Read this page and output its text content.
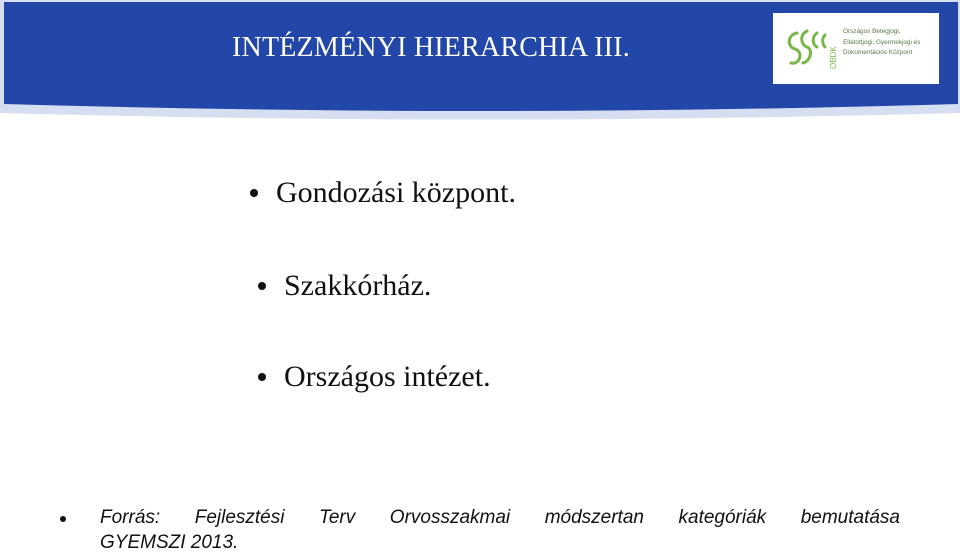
INTÉZMÉNYI HIERARCHIA III.	OBDK
Országos Betegjogi,
Ellátottjogi, Gyermekjogi és
Dokumentációs Központ
Gondozási központ.
Szakkórház.
Országos intézet.
Forrás: Fejlesztési Terv Orvosszakmai módszertan kategóriák bemutatása
GYEMSZI 2013.
